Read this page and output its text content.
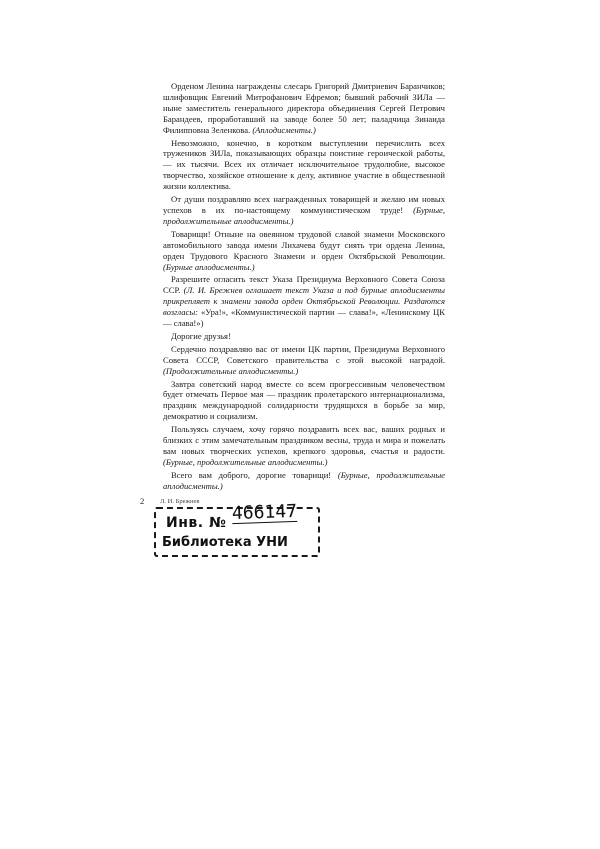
Орденом Ленина награждены слесарь Григорий Дмитриевич Баранчиков; шлифовщик Евгений Митрофанович Ефремов; бывший рабочий ЗИЛа — ныне заместитель генерального директора объединения Сергей Петрович Барандеев, проработавший на заводе более 50 лет; паладчица Зинаида Филипповна Зеленкова. (Аплодисменты.)

Невозможно, конечно, в коротком выступлении перечислить всех тружеников ЗИЛа, показывающих образцы поистине героической работы, — их тысячи. Всех их отличает исключительное трудолюбие, высокое творчество, хозяйское отношение к делу, активное участие в общественной жизни коллектива.

От души поздравляю всех награжденных товарищей и желаю им новых успехов в их по-настоящему коммунистическом труде! (Бурные, продолжительные аплодисменты.)

Товарищи! Отныне на овеянном трудовой славой знамени Московского автомобильного завода имени Лихачева будут сиять три ордена Ленина, орден Трудового Красного Знамени и орден Октябрьской Революции. (Бурные аплодисменты.)

Разрешите огласить текст Указа Президиума Верховного Совета Союза ССР. (Л. И. Брежнев оглашает текст Указа и под бурные аплодисменты прикрепляет к знамени завода орден Октябрьской Революции. Раздаются возгласы: «Ура!», «Коммунистической партии — слава!», «Ленинскому ЦК — слава!»)

Дорогие друзья!

Сердечно поздравляю вас от имени ЦК партии, Президиума Верховного Совета СССР, Советского правительства с этой высокой наградой. (Продолжительные аплодисменты.)

Завтра советский народ вместе со всем прогрессивным человечеством будет отмечать Первое мая — праздник пролетарского интернационализма, праздник международной солидарности трудящихся в борьбе за мир, демократию и социализм.

Пользуясь случаем, хочу горячо поздравить всех вас, ваших родных и близких с этим замечательным праздником весны, труда и мира и пожелать вам новых творческих успехов, крепкого здоровья, счастья и радости. (Бурные, продолжительные аплодисменты.)

Всего вам доброго, дорогие товарищи! (Бурные, продолжительные аплодисменты.)

2	Л. И. Брежнев
Инв. № 466147
Библиотека УНИ
